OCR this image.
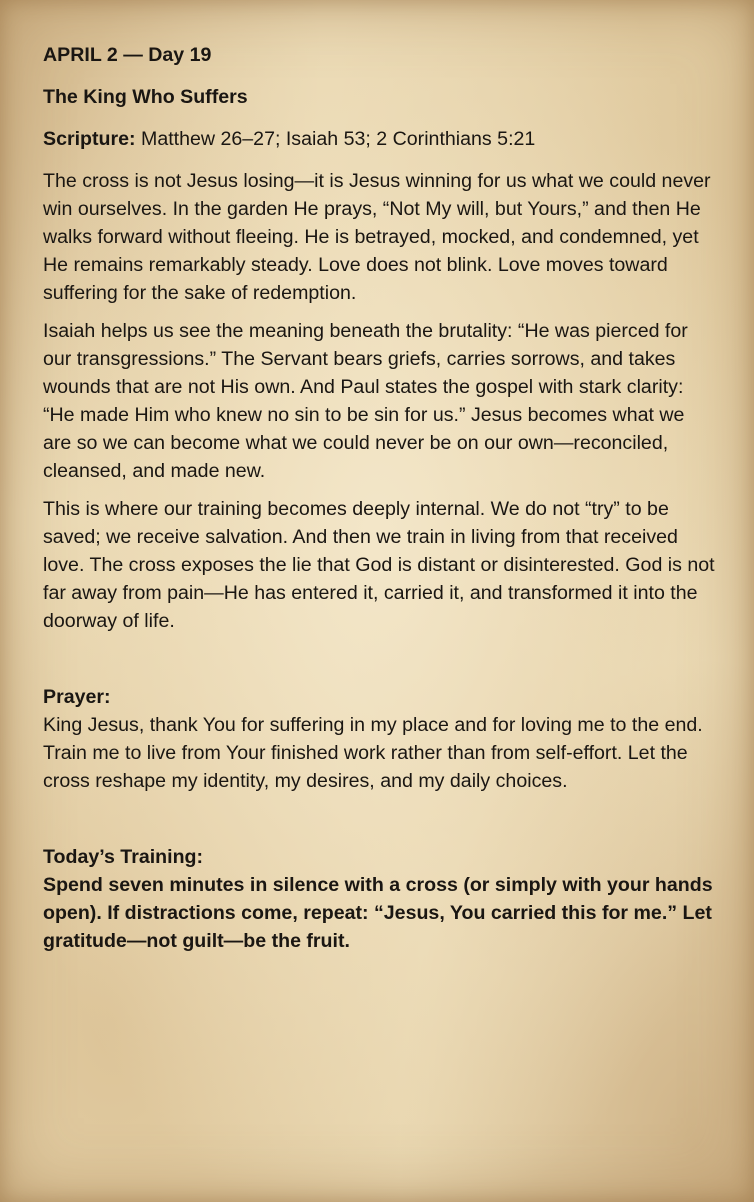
APRIL 2 — Day 19
The King Who Suffers
Scripture: Matthew 26–27; Isaiah 53; 2 Corinthians 5:21

The cross is not Jesus losing—it is Jesus winning for us what we could never win ourselves. In the garden He prays, “Not My will, but Yours,” and then He walks forward without fleeing. He is betrayed, mocked, and condemned, yet He remains remarkably steady. Love does not blink. Love moves toward suffering for the sake of redemption.

Isaiah helps us see the meaning beneath the brutality: “He was pierced for our transgressions.” The Servant bears griefs, carries sorrows, and takes wounds that are not His own. And Paul states the gospel with stark clarity: “He made Him who knew no sin to be sin for us.” Jesus becomes what we are so we can become what we could never be on our own—reconciled, cleansed, and made new.

This is where our training becomes deeply internal. We do not “try” to be saved; we receive salvation. And then we train in living from that received love. The cross exposes the lie that God is distant or disinterested. God is not far away from pain—He has entered it, carried it, and transformed it into the doorway of life.

Prayer:

King Jesus, thank You for suffering in my place and for loving me to the end. Train me to live from Your finished work rather than from self-effort. Let the cross reshape my identity, my desires, and my daily choices.

Today’s Training:

Spend seven minutes in silence with a cross (or simply with your hands open). If distractions come, repeat: “Jesus, You carried this for me.” Let gratitude—not guilt—be the fruit.
